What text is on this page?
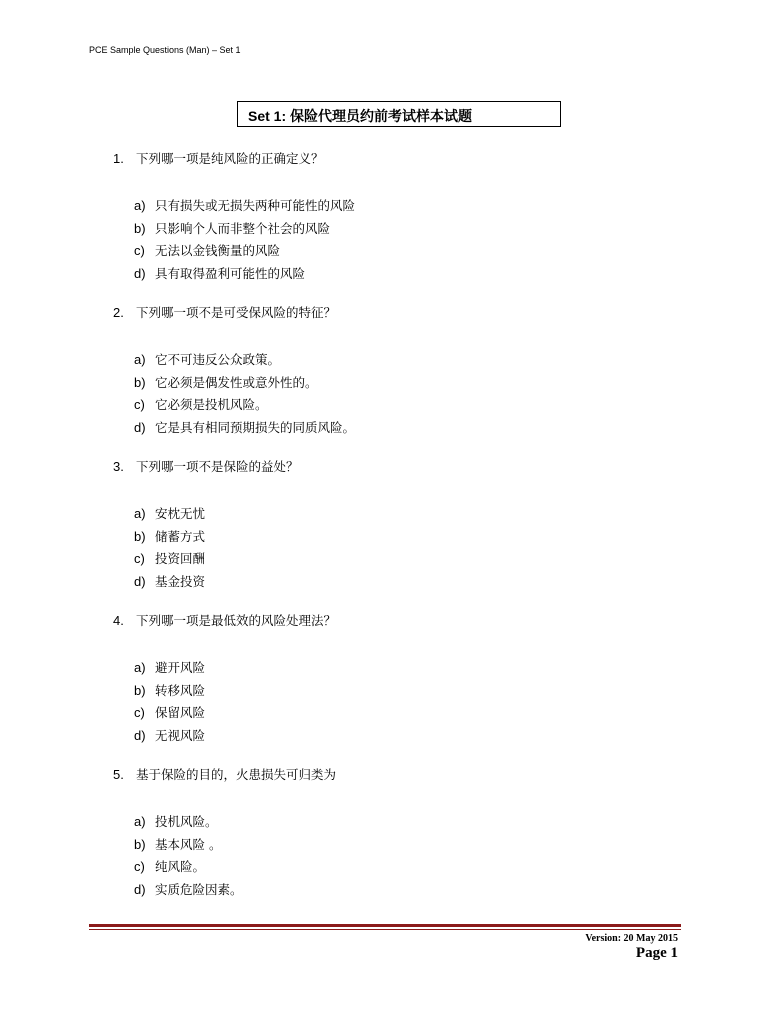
PCE Sample Questions (Man) – Set 1
Set 1: 保险代理员约前考试样本试题
1. 下列哪一项是纯风险的正确定义？
a) 只有损失或无损失两种可能性的风险
b) 只影响个人而非整个社会的风险
c) 无法以金钱衡量的风险
d) 具有取得盈利可能性的风险
2. 下列哪一项不是可受保风险的特征？
a) 它不可违反公众政策。
b) 它必须是偶发性或意外性的。
c) 它必须是投机风险。
d) 它是具有相同预期损失的同质风险。
3. 下列哪一项不是保险的益处？
a) 安枕无忧
b) 储蓄方式
c) 投资回酬
d) 基金投资
4. 下列哪一项是最低效的风险处理法？
a) 避开风险
b) 转移风险
c) 保留风险
d) 无视风险
5. 基于保险的目的，火患损失可归类为
a) 投机风险。
b) 基本风险 。
c) 纯风险。
d) 实质危险因素。
Version: 20 May 2015
Page 1
